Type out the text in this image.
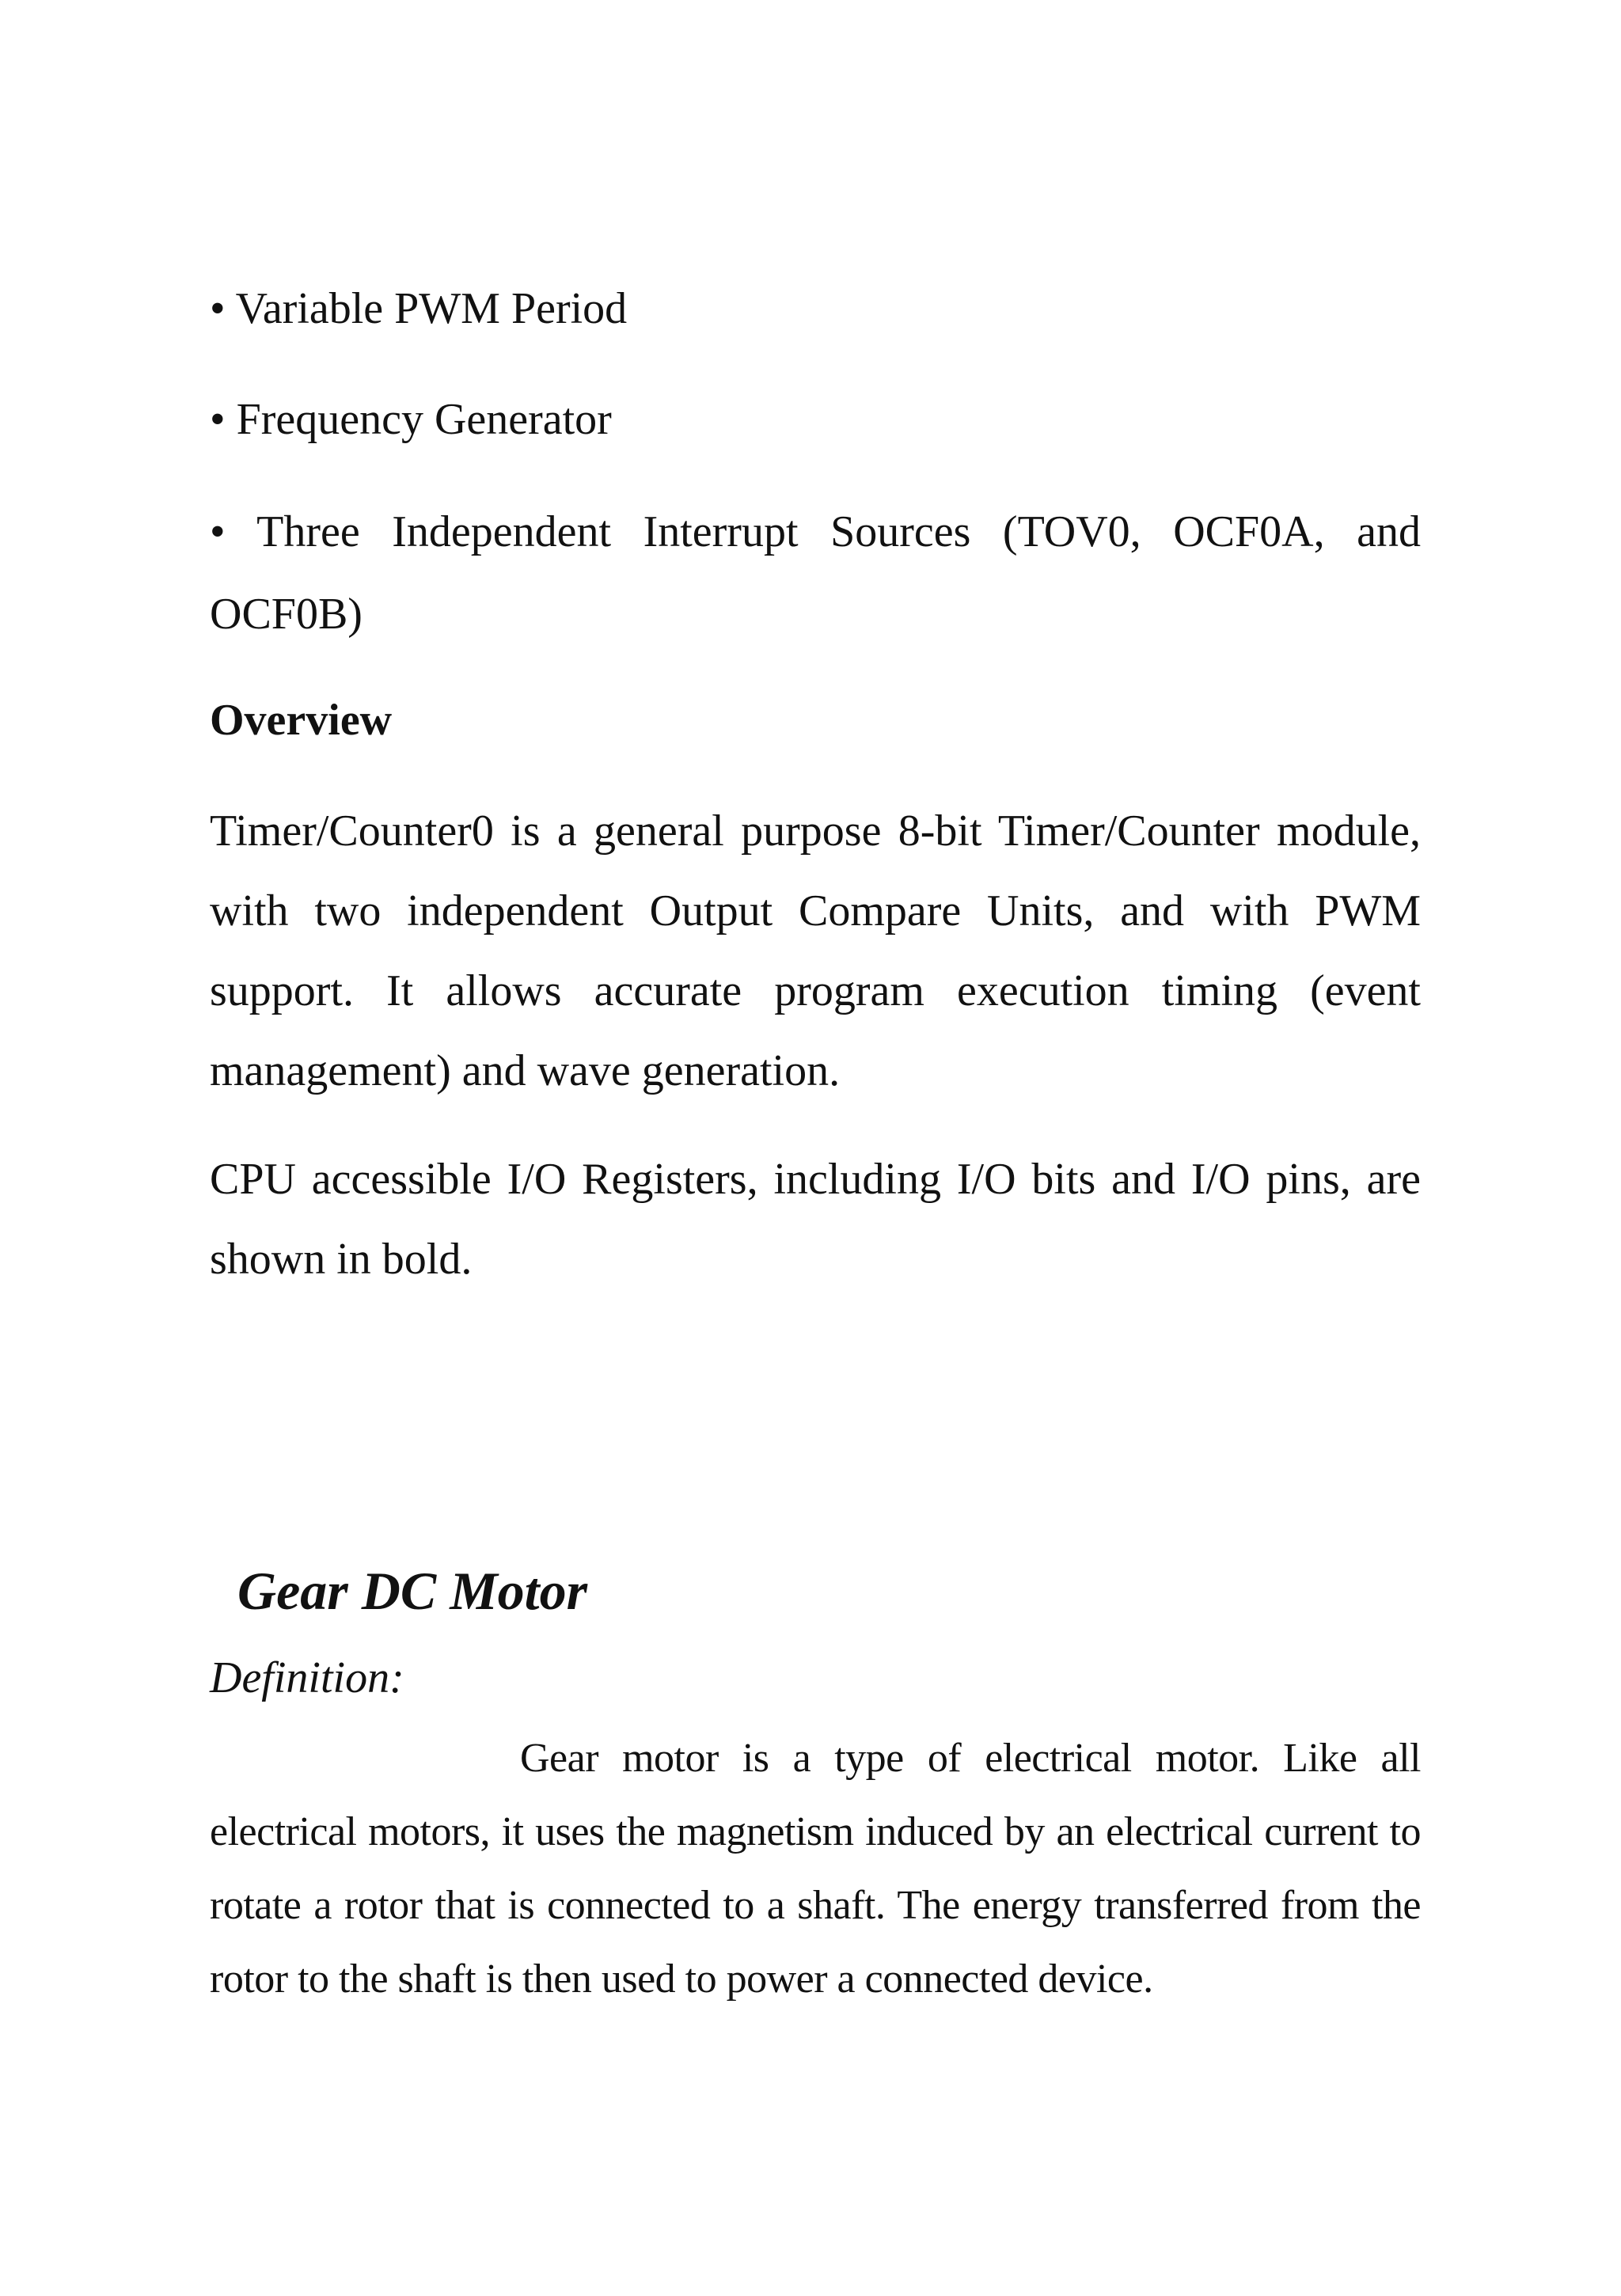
• Variable PWM Period

• Frequency Generator

• Three Independent Interrupt Sources (TOV0, OCF0A, and OCF0B)

Overview

Timer/Counter0 is a general purpose 8-bit Timer/Counter module, with two independent Output Compare Units, and with PWM support. It allows accurate program execution timing (event management) and wave generation.

CPU accessible I/O Registers, including I/O bits and I/O pins, are shown in bold.

Gear DC Motor

Definition:

Gear motor is a type of electrical motor. Like all electrical motors, it uses the magnetism induced by an electrical current to rotate a rotor that is connected to a shaft. The energy transferred from the rotor to the shaft is then used to power a connected device.
